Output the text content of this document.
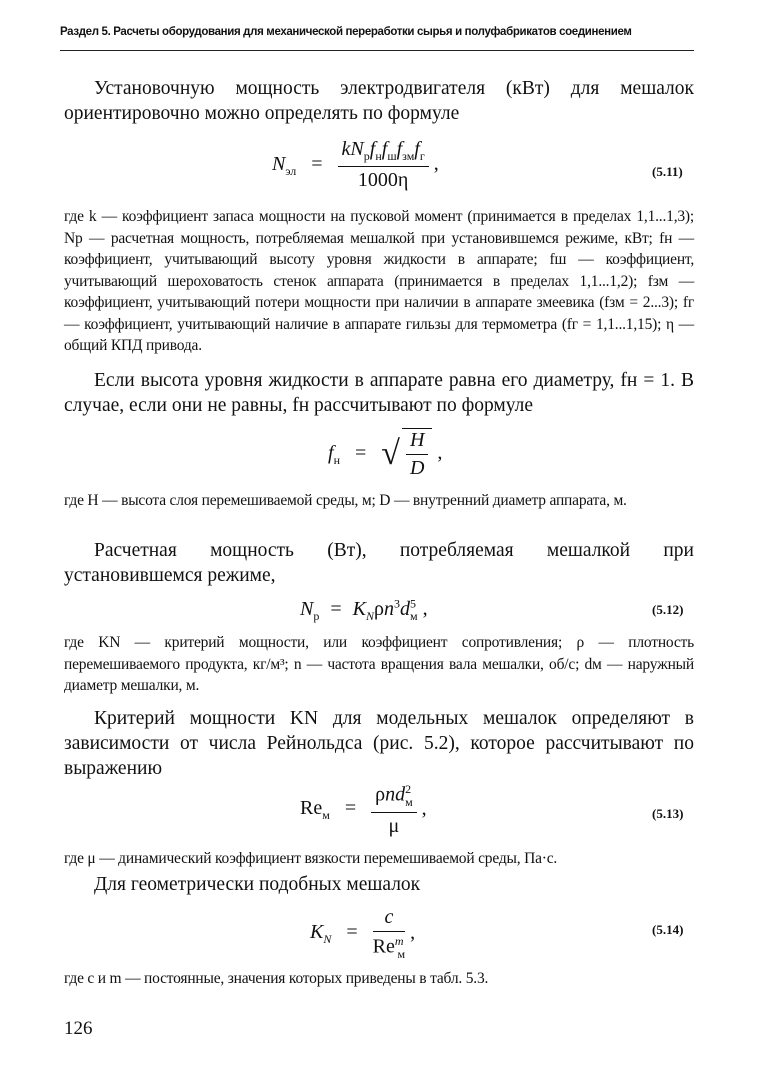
Раздел 5. Расчеты оборудования для механической переработки сырья и полуфабрикатов соединением

Установочную мощность электродвигателя (кВт) для мешалок ориентировочно можно определять по формуле

$N_{эл} = \frac{kN_рf_нf_шf_{зм}f_г}{1000\eta}$ ,	(5.11)

где k — коэффициент запаса мощности на пусковой момент (принимается в пределах 1,1...1,3); Nр — расчетная мощность, потребляемая мешалкой при установившемся режиме, кВт; fн — коэффициент, учитывающий высоту уровня жидкости в аппарате; fш — коэффициент, учитывающий шероховатость стенок аппарата (принимается в пределах 1,1...1,2); fзм — коэффициент, учитывающий потери мощности при наличии в аппарате змеевика (fзм = 2...3); fг — коэффициент, учитывающий наличие в аппарате гильзы для термометра (fг = 1,1...1,15); η — общий КПД привода.

Если высота уровня жидкости в аппарате равна его диаметру, fн = 1. В случае, если они не равны, fн рассчитывают по формуле

$f_н$ = √ $\frac{H}{D}$ ,

где H — высота слоя перемешиваемой среды, м; D — внутренний диаметр аппарата, м.

Расчетная мощность (Вт), потребляемая мешалкой при установившемся режиме,

$N_р = K_N\rho n^3d^5_м$ ,	(5.12)

где KN — критерий мощности, или коэффициент сопротивления; ρ — плотность перемешиваемого продукта, кг/м³; n — частота вращения вала мешалки, об/с; dм — наружный диаметр мешалки, м.

Критерий мощности KN для модельных мешалок определяют в зависимости от числа Рейнольдса (рис. 5.2), которое рассчитывают по выражению

$Re_м = \frac{\rho nd^2_м}{\mu}$ ,	(5.13)

где μ — динамический коэффициент вязкости перемешиваемой среды, Па·с.

Для геометрически подобных мешалок

$K_N = \frac{c}{Re^m_м}$ ,	(5.14)

где c и m — постоянные, значения которых приведены в табл. 5.3.

126
